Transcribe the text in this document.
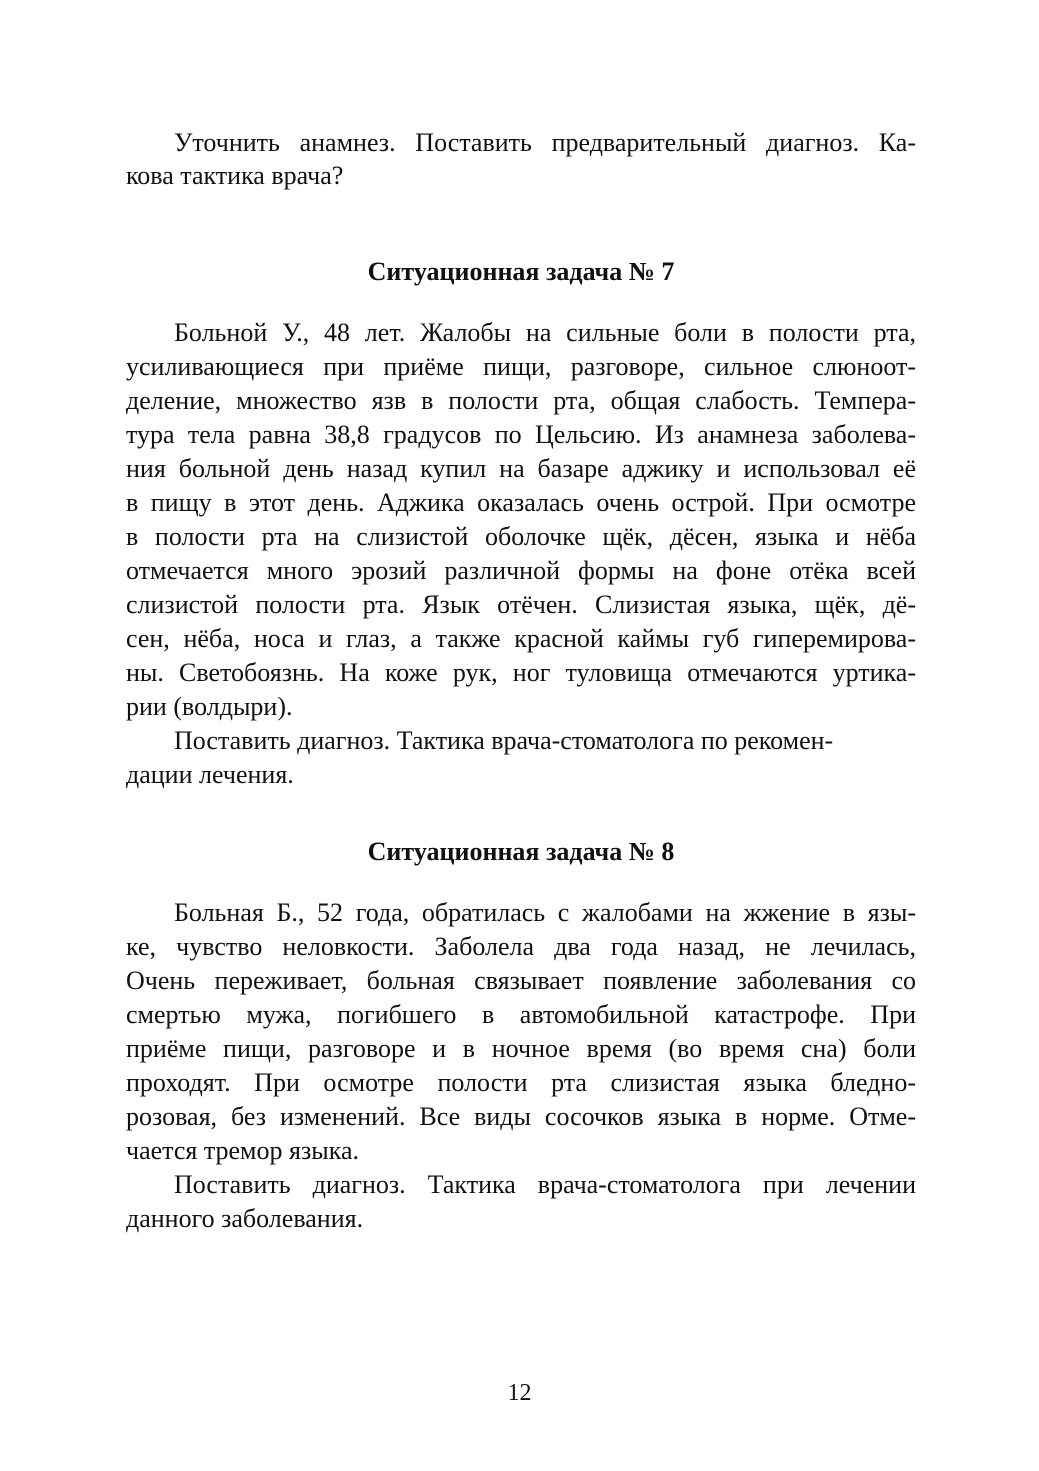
Уточнить анамнез. Поставить предварительный диагноз. Ка-
кова тактика врача?
Ситуационная задача № 7
Больной У., 48 лет. Жалобы на сильные боли в полости рта,
усиливающиеся при приёме пищи, разговоре, сильное слюноот-
деление, множество язв в полости рта, общая слабость. Темпера-
тура тела равна 38,8 градусов по Цельсию. Из анамнеза заболева-
ния больной день назад купил на базаре аджику и использовал её
в пищу в этот день. Аджика оказалась очень острой. При осмотре
в полости рта на слизистой оболочке щёк, дёсен, языка и нёба
отмечается много эрозий различной формы на фоне отёка всей
слизистой полости рта. Язык отёчен. Слизистая языка, щёк, дё-
сен, нёба, носа и глаз, а также красной каймы губ гиперемирова-
ны. Светобоязнь. На коже рук, ног туловища отмечаются уртика-
рии (волдыри).
Поставить диагноз. Тактика врача-стоматолога по рекомен-
дации лечения.
Ситуационная задача № 8
Больная Б., 52 года, обратилась с жалобами на жжение в язы-
ке, чувство неловкости. Заболела два года назад, не лечилась,
Очень переживает, больная связывает появление заболевания со
смертью мужа, погибшего в автомобильной катастрофе. При
приёме пищи, разговоре и в ночное время (во время сна) боли
проходят. При осмотре полости рта слизистая языка бледно-
розовая, без изменений. Все виды сосочков языка в норме. Отме-
чается тремор языка.
Поставить диагноз. Тактика врача-стоматолога при лечении
данного заболевания.
12
